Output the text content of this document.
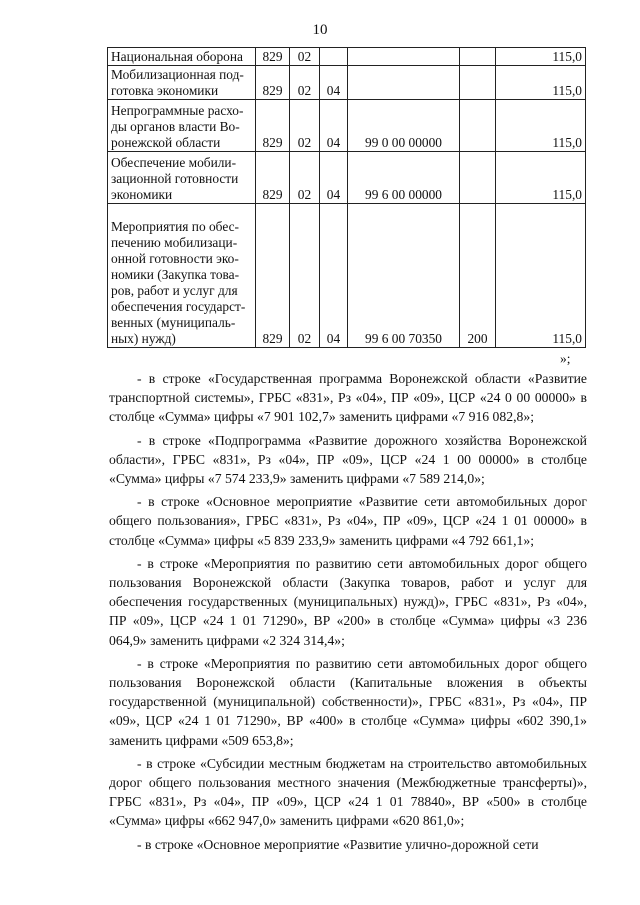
10
Национальная оборона	829	02				115,0
Мобилизационная под-готовка экономики	829	02	04			115,0
Непрограммные расхо-ды органов власти Во-ронежской области	829	02	04	99 0 00 00000		115,0
Обеспечение мобили-зационной готовности экономики	829	02	04	99 6 00 00000		115,0
Мероприятия по обес-печению мобилизаци-онной готовности эко-номики (Закупка това-ров, работ и услуг для обеспечения государст-венных (муниципаль-ных) нужд)	829	02	04	99 6 00 70350	200	115,0
»;

- в строке «Государственная программа Воронежской области «Развитие транспортной системы», ГРБС «831», Рз «04», ПР «09», ЦСР «24 0 00 00000» в столбце «Сумма» цифры «7 901 102,7» заменить цифрами «7 916 082,8»;

- в строке «Подпрограмма «Развитие дорожного хозяйства Воронежской области», ГРБС «831», Рз «04», ПР «09», ЦСР «24 1 00 00000» в столбце «Сумма» цифры «7 574 233,9» заменить цифрами «7 589 214,0»;

- в строке «Основное мероприятие «Развитие сети автомобильных дорог общего пользования», ГРБС «831», Рз «04», ПР «09», ЦСР «24 1 01 00000» в столбце «Сумма» цифры «5 839 233,9» заменить цифрами «4 792 661,1»;

- в строке «Мероприятия по развитию сети автомобильных дорог общего пользования Воронежской области (Закупка товаров, работ и услуг для обеспечения государственных (муниципальных) нужд)», ГРБС «831», Рз «04», ПР «09», ЦСР «24 1 01 71290», ВР «200» в столбце «Сумма» цифры «3 236 064,9» заменить цифрами «2 324 314,4»;

- в строке «Мероприятия по развитию сети автомобильных дорог общего пользования Воронежской области (Капитальные вложения в объекты государственной (муниципальной) собственности)», ГРБС «831», Рз «04», ПР «09», ЦСР «24 1 01 71290», ВР «400» в столбце «Сумма» цифры «602 390,1» заменить цифрами «509 653,8»;

- в строке «Субсидии местным бюджетам на строительство автомобильных дорог общего пользования местного значения (Межбюджетные трансферты)», ГРБС «831», Рз «04», ПР «09», ЦСР «24 1 01 78840», ВР «500» в столбце «Сумма» цифры «662 947,0» заменить цифрами «620 861,0»;

- в строке «Основное мероприятие «Развитие улично-дорожной сети
